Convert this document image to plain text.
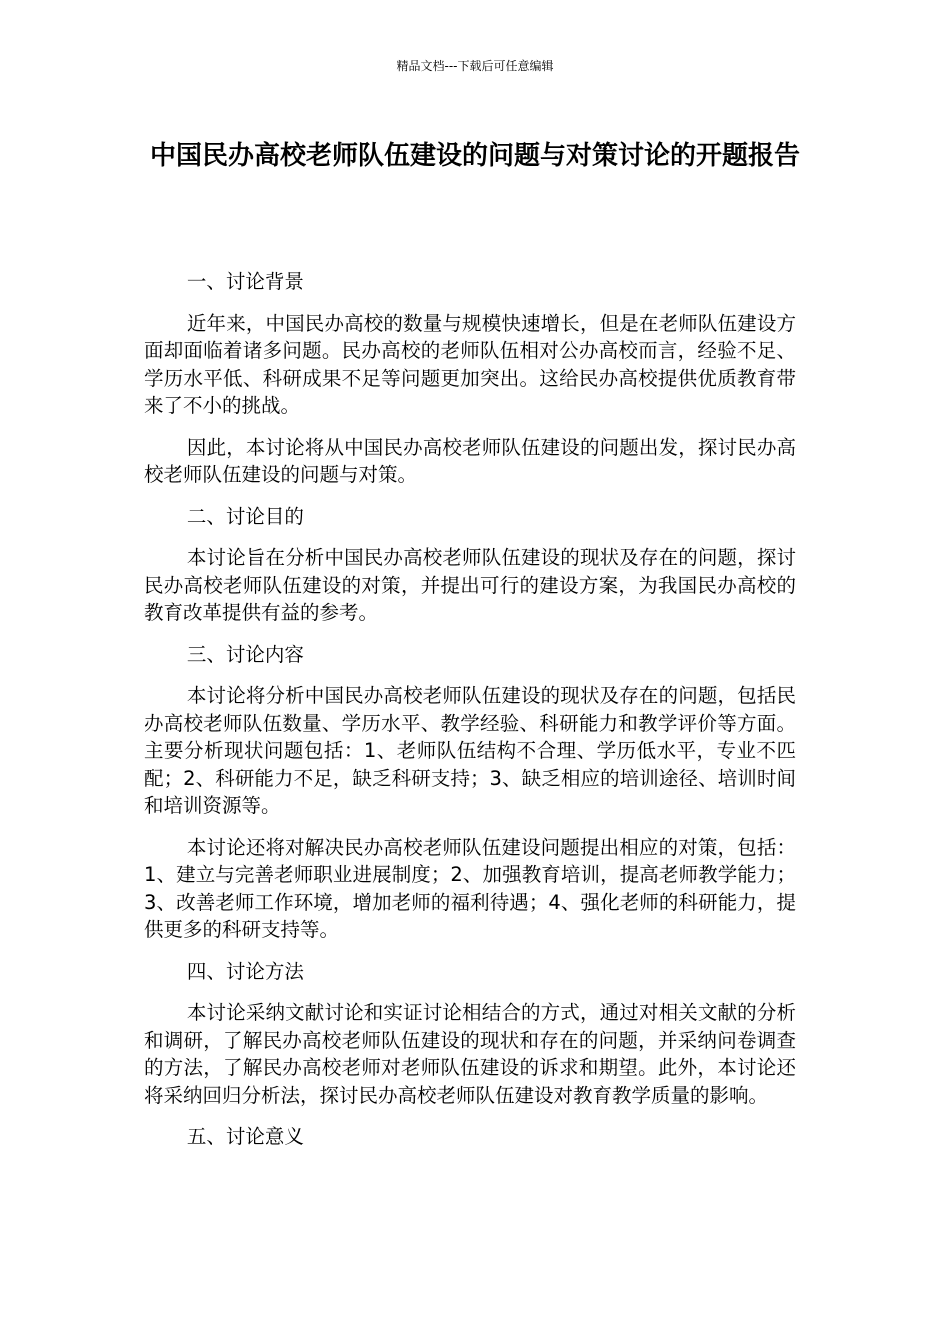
精品文档---下载后可任意编辑
中国民办高校老师队伍建设的问题与对策讨论的开题报告

一、讨论背景

近年来，中国民办高校的数量与规模快速增长，但是在老师队伍建设方面却面临着诸多问题。民办高校的老师队伍相对公办高校而言，经验不足、学历水平低、科研成果不足等问题更加突出。这给民办高校提供优质教育带来了不小的挑战。

因此，本讨论将从中国民办高校老师队伍建设的问题出发，探讨民办高校老师队伍建设的问题与对策。

二、讨论目的

本讨论旨在分析中国民办高校老师队伍建设的现状及存在的问题，探讨民办高校老师队伍建设的对策，并提出可行的建设方案，为我国民办高校的教育改革提供有益的参考。

三、讨论内容

本讨论将分析中国民办高校老师队伍建设的现状及存在的问题，包括民办高校老师队伍数量、学历水平、教学经验、科研能力和教学评价等方面。主要分析现状问题包括：1、老师队伍结构不合理、学历低水平，专业不匹配；2、科研能力不足，缺乏科研支持；3、缺乏相应的培训途径、培训时间和培训资源等。

本讨论还将对解决民办高校老师队伍建设问题提出相应的对策，包括：1、建立与完善老师职业进展制度；2、加强教育培训，提高老师教学能力；3、改善老师工作环境，增加老师的福利待遇；4、强化老师的科研能力，提供更多的科研支持等。

四、讨论方法

本讨论采纳文献讨论和实证讨论相结合的方式，通过对相关文献的分析和调研，了解民办高校老师队伍建设的现状和存在的问题，并采纳问卷调查的方法，了解民办高校老师对老师队伍建设的诉求和期望。此外，本讨论还将采纳回归分析法，探讨民办高校老师队伍建设对教育教学质量的影响。

五、讨论意义
